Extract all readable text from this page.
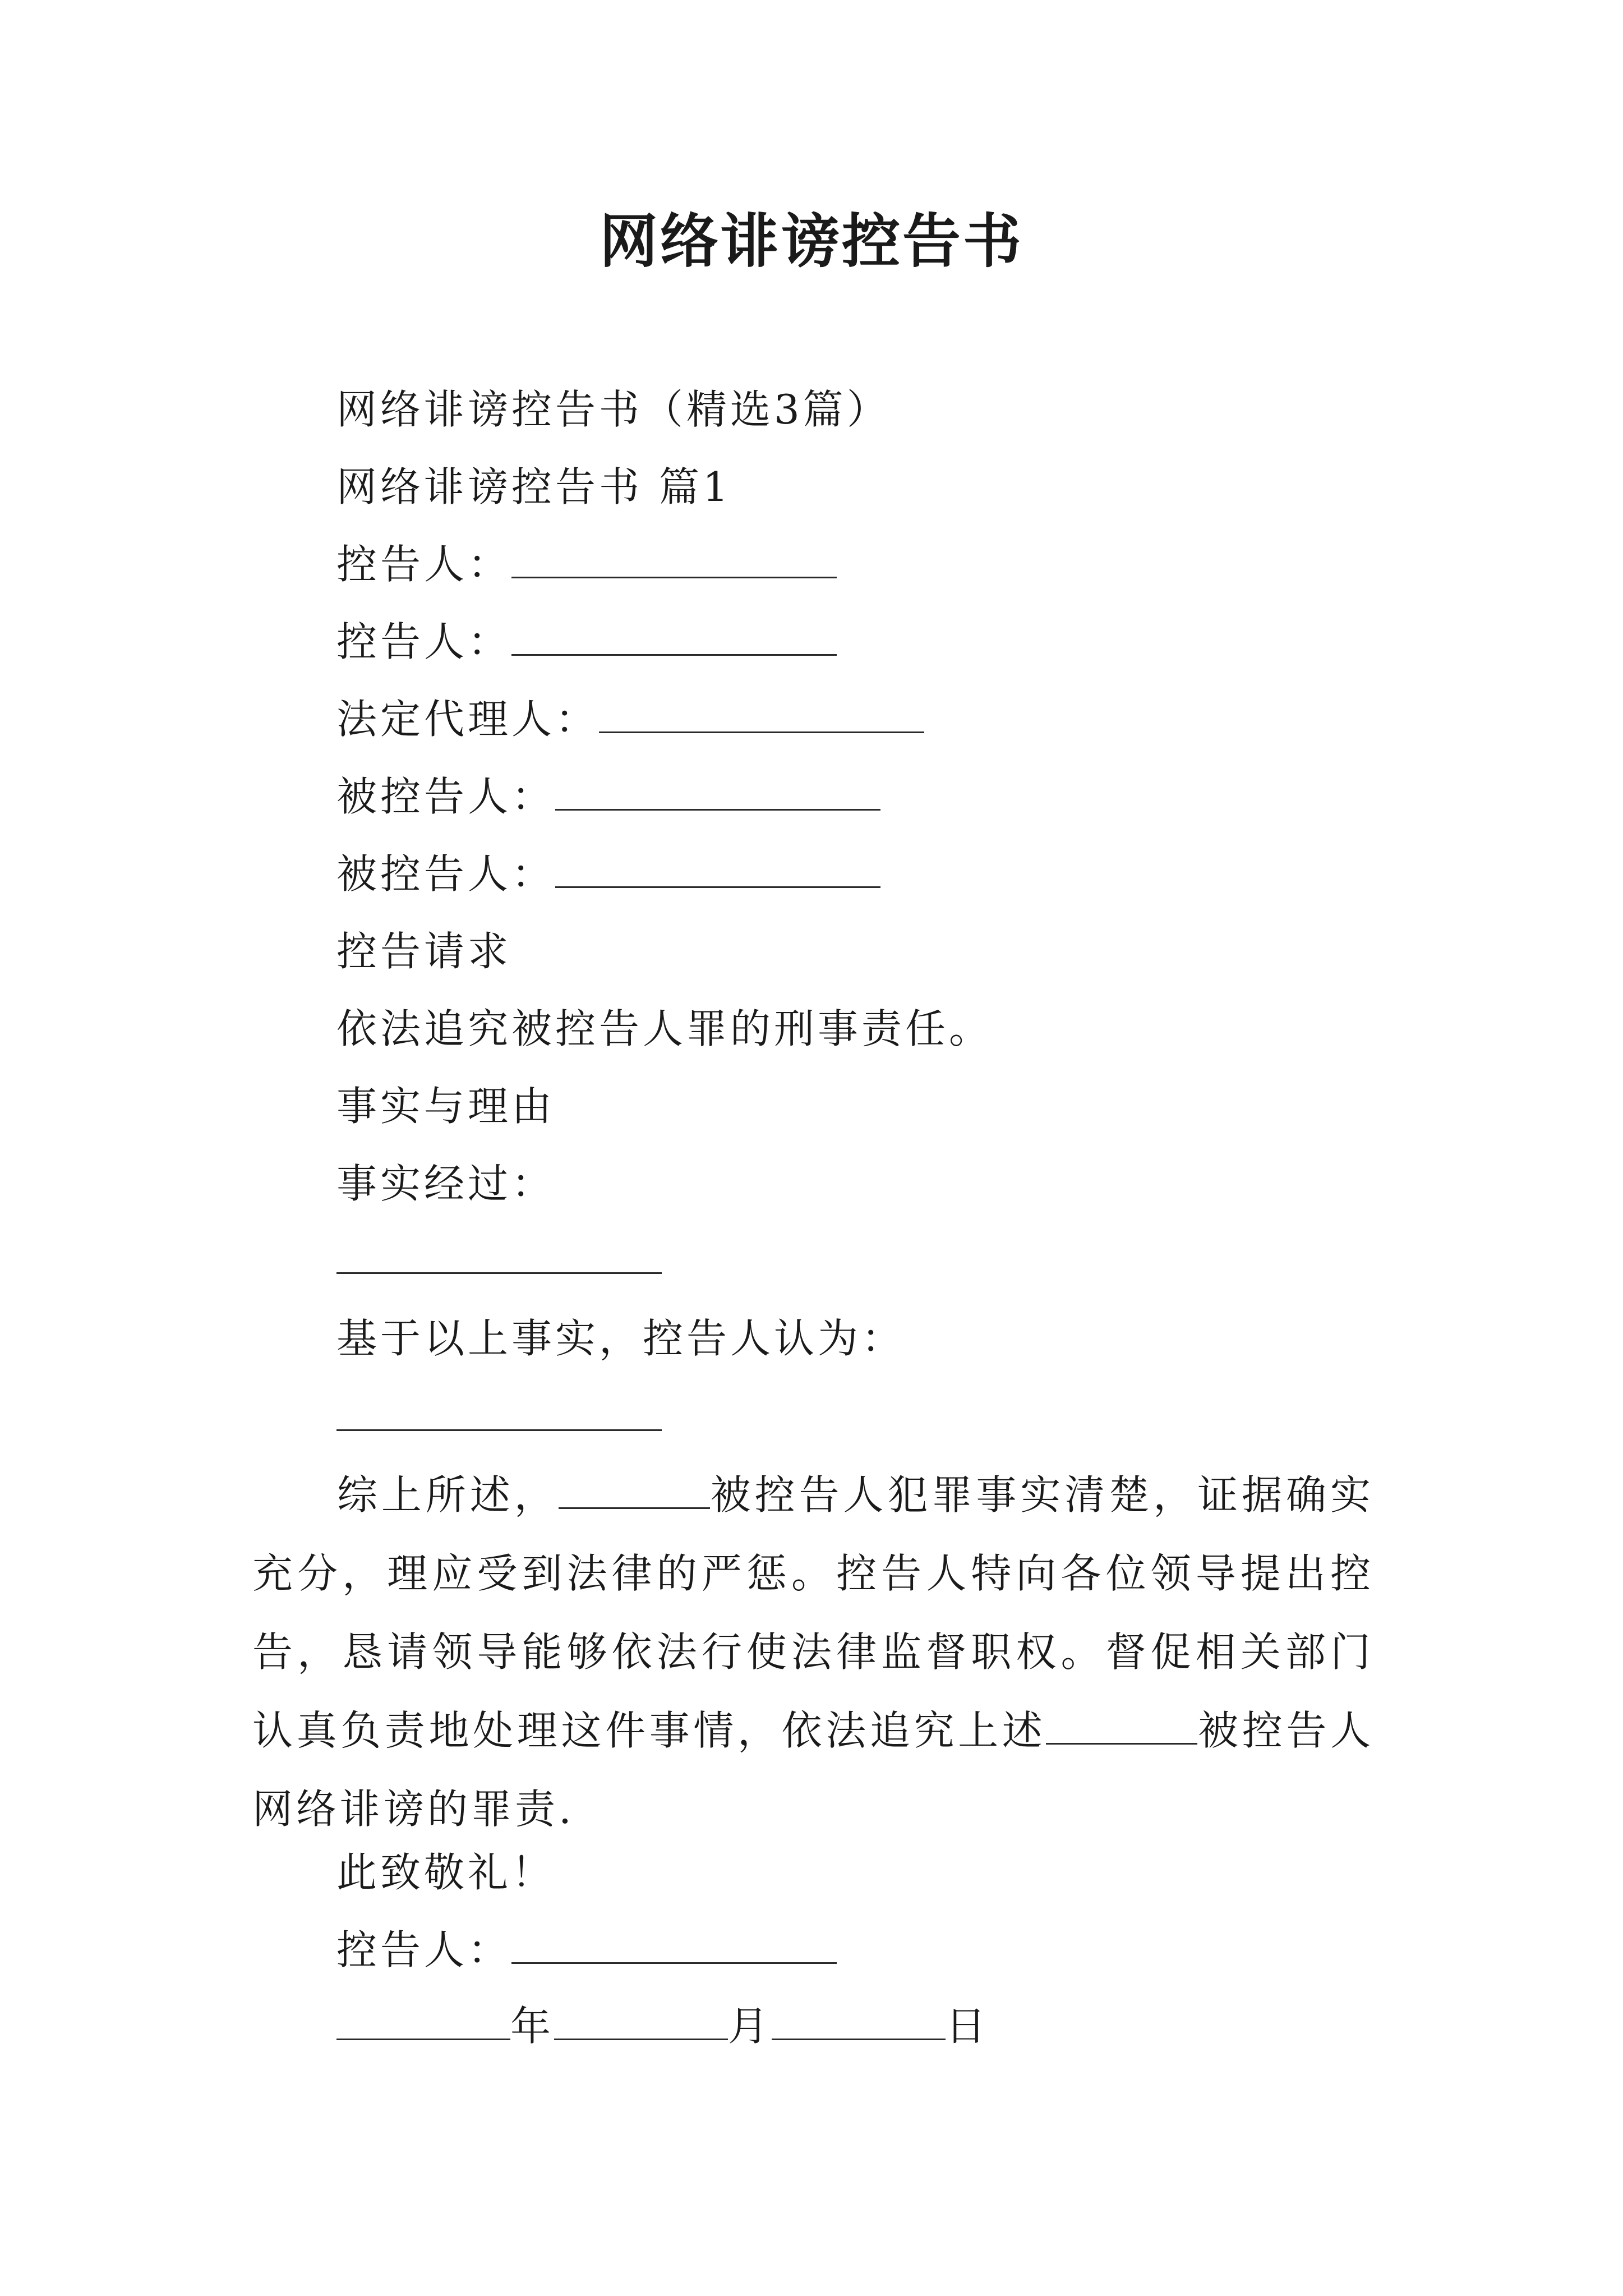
网络诽谤控告书
网络诽谤控告书（精选3篇）
网络诽谤控告书 篇1
控告人：
控告人：
法定代理人：
被控告人：
被控告人：
控告请求
依法追究被控告人罪的刑事责任。
事实与理由
事实经过：
基于以上事实，控告人认为：
综上所述，	被控告人犯罪事实清楚，证据确实充分，理应受到法律的严惩。控告人特向各位领导提出控告，恳请领导能够依法行使法律监督职权。督促相关部门认真负责地处理这件事情，依法追究上述	被控告人网络诽谤的罪责.
此致敬礼！
控告人：
年	月	日
